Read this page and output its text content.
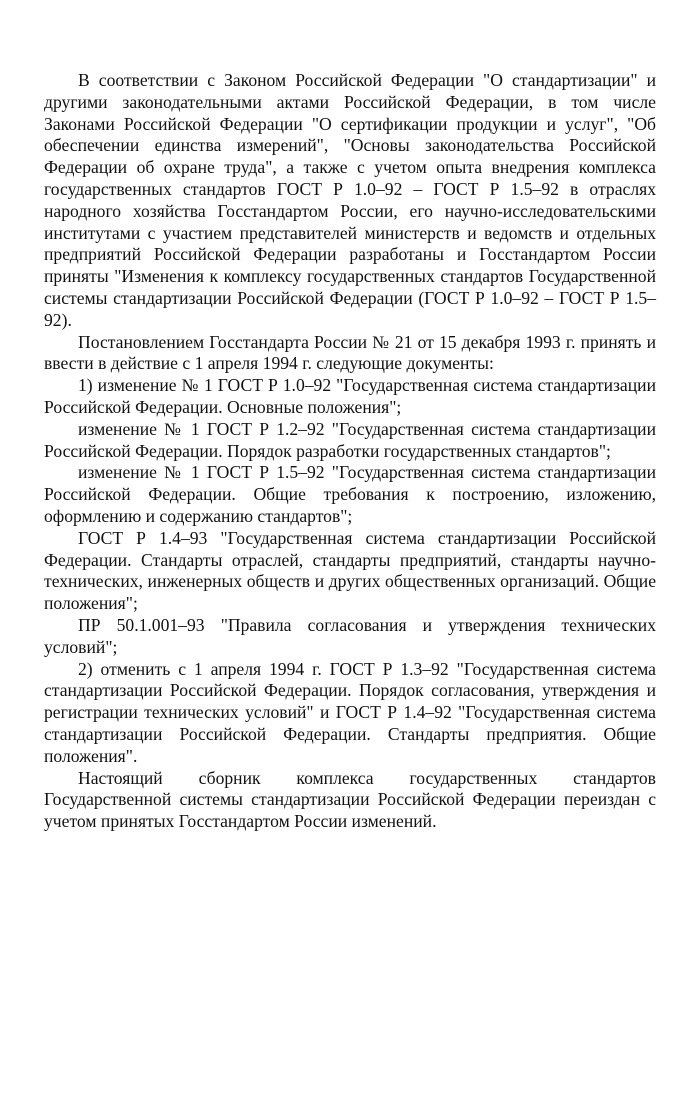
В соответствии с Законом Российской Федерации "О стандартизации" и другими законодательными актами Российской Федерации, в том числе Законами Российской Федерации "О сертификации продукции и услуг", "Об обеспечении единства измерений", "Основы законодательства Российской Федерации об охране труда", а также с учетом опыта внедрения комплекса государственных стандартов ГОСТ Р 1.0–92 – ГОСТ Р 1.5–92 в отраслях народного хозяйства Госстандартом России, его научно-исследовательскими институтами с участием представителей министерств и ведомств и отдельных предприятий Российской Федерации разработаны и Госстандартом России приняты "Изменения к комплексу государственных стандартов Государственной системы стандартизации Российской Федерации (ГОСТ Р 1.0–92 – ГОСТ Р 1.5–92).

Постановлением Госстандарта России № 21 от 15 декабря 1993 г. принять и ввести в действие с 1 апреля 1994 г. следующие документы:

1) изменение № 1 ГОСТ Р 1.0–92 "Государственная система стандартизации Российской Федерации. Основные положения";

изменение № 1 ГОСТ Р 1.2–92 "Государственная система стандартизации Российской Федерации. Порядок разработки государственных стандартов";

изменение № 1 ГОСТ Р 1.5–92 "Государственная система стандартизации Российской Федерации. Общие требования к построению, изложению, оформлению и содержанию стандартов";

ГОСТ Р 1.4–93 "Государственная система стандартизации Российской Федерации. Стандарты отраслей, стандарты предприятий, стандарты научно-технических, инженерных обществ и других общественных организаций. Общие положения";

ПР 50.1.001–93 "Правила согласования и утверждения технических условий";

2) отменить с 1 апреля 1994 г. ГОСТ Р 1.3–92 "Государственная система стандартизации Российской Федерации. Порядок согласования, утверждения и регистрации технических условий" и ГОСТ Р 1.4–92 "Государственная система стандартизации Российской Федерации. Стандарты предприятия. Общие положения".

Настоящий сборник комплекса государственных стандартов Государственной системы стандартизации Российской Федерации переиздан с учетом принятых Госстандартом России изменений.
